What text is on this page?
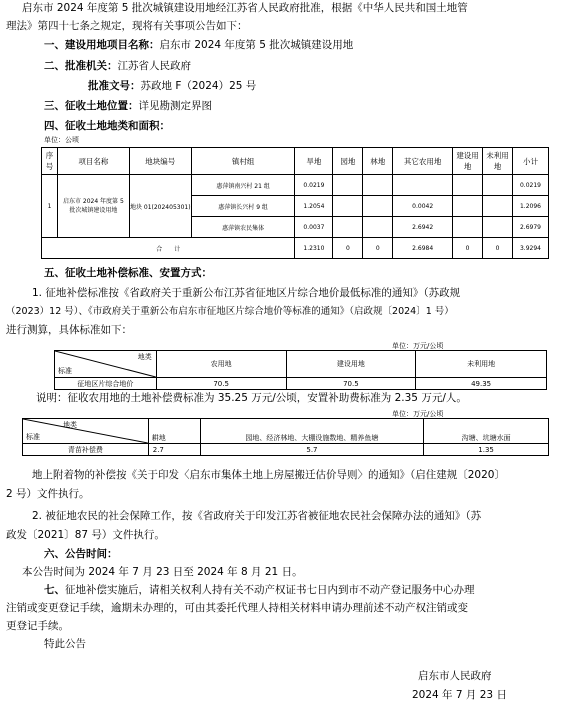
启东市 2024 年度第 5 批次城镇建设用地经江苏省人民政府批准，根据《中华人民共和国土地管
理法》第四十七条之规定，现将有关事项公告如下：
一、建设用地项目名称：启东市 2024 年度第 5 批次城镇建设用地
二、批准机关：江苏省人民政府
批准文号：苏政地 F（2024）25 号
三、征收土地位置：详见勘测定界图
四、征收土地地类和面积：
单位：公顷
序号	项目名称	地块编号	镇村组	旱地	园地	林地	其它农用地	建设用地	未利用地	小计
1	启东市 2024 年度第 5 批次城镇建设用地	地块 01(202405301)	惠萍镇南兴村 21 组	0.0219						0.0219
			惠萍镇长兴村 9 组	1.2054			0.0042			1.2096
			惠萍镇农民集体	0.0037			2.6942			2.6979
合　　计				1.2310	0	0	2.6984	0	0	3.9294
五、征收土地补偿标准、安置方式：
1. 征地补偿标准按《省政府关于重新公布江苏省征地区片综合地价最低标准的通知》（苏政规
（2023）12 号）、《市政府关于重新公布启东市征地区片综合地价等标准的通知》（启政规〔2024〕1 号）
进行测算，具体标准如下：
单位：万元/公顷
地类
标准	农用地	建设用地	未利用地
征地区片综合地价	70.5	70.5	49.35
说明：征收农用地的土地补偿费标准为 35.25 万元/公顷，安置补助费标准为 2.35 万元/人。
单位：万元/公顷
地类
标准	耕地	园地、经济林地、大棚设施数地、精养鱼塘	沟塘、坑塘水面
青苗补偿费	2.7	5.7	1.35
地上附着物的补偿按《关于印发〈启东市集体土地上房屋搬迁估价导则〉的通知》（启住建规〔2020〕
2 号）文件执行。
2. 被征地农民的社会保障工作，按《省政府关于印发江苏省被征地农民社会保障办法的通知》（苏
政发〔2021〕87 号）文件执行。
六、公告时间：
本公告时间为 2024 年 7 月 23 日至 2024 年 8 月 21 日。
七、征地补偿实施后，请相关权利人持有关不动产权证书七日内到市不动产登记服务中心办理
注销或变更登记手续，逾期未办理的，可由其委托代理人持相关材料申请办理前述不动产权注销或变
更登记手续。
特此公告
启东市人民政府
2024 年 7 月 23 日
